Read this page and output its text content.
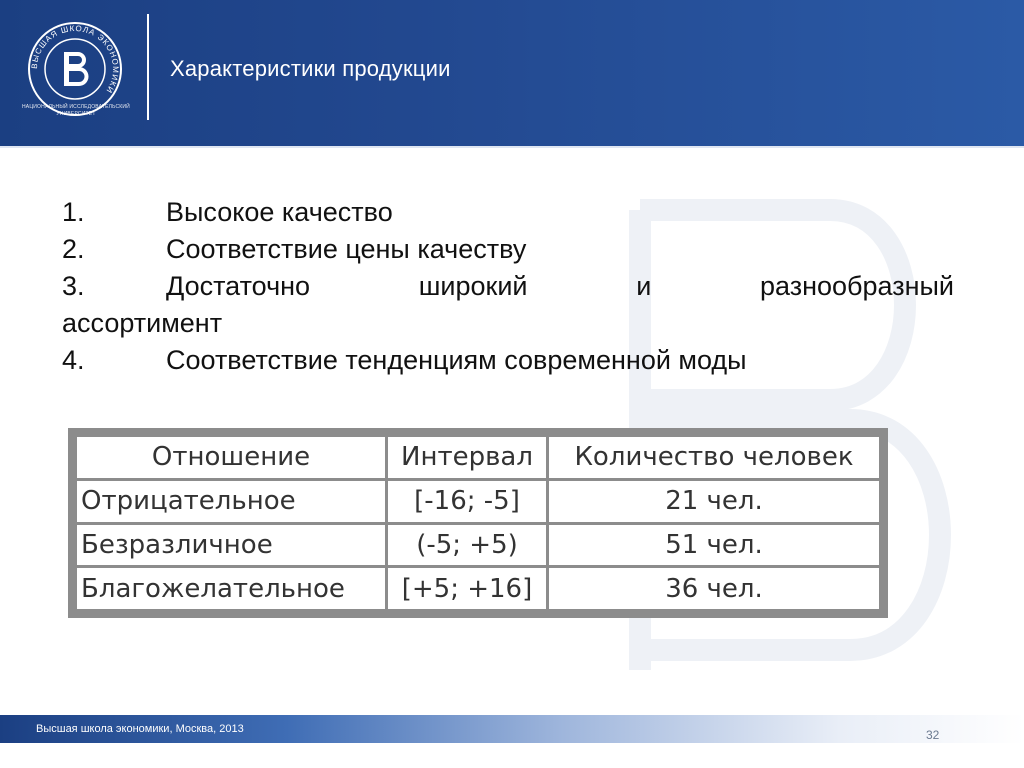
ВЫСШАЯ ШКОЛА ЭКОНОМИКИ
НАЦИОНАЛЬНЫЙ ИССЛЕДОВАТЕЛЬСКИЙ УНИВЕРСИТЕТ
Характеристики продукции
1.	Высокое качество
2.	Соответствие цены качеству
3.	Достаточно широкий и разнообразный
ассортимент
4.	Соответствие тенденциям современной моды
Отношение	Интервал	Количество человек
Отрицательное	[-16; -5]	21 чел.
Безразличное	(-5; +5)	51 чел.
Благожелательное	[+5; +16]	36 чел.
Высшая школа экономики, Москва, 2013	32
